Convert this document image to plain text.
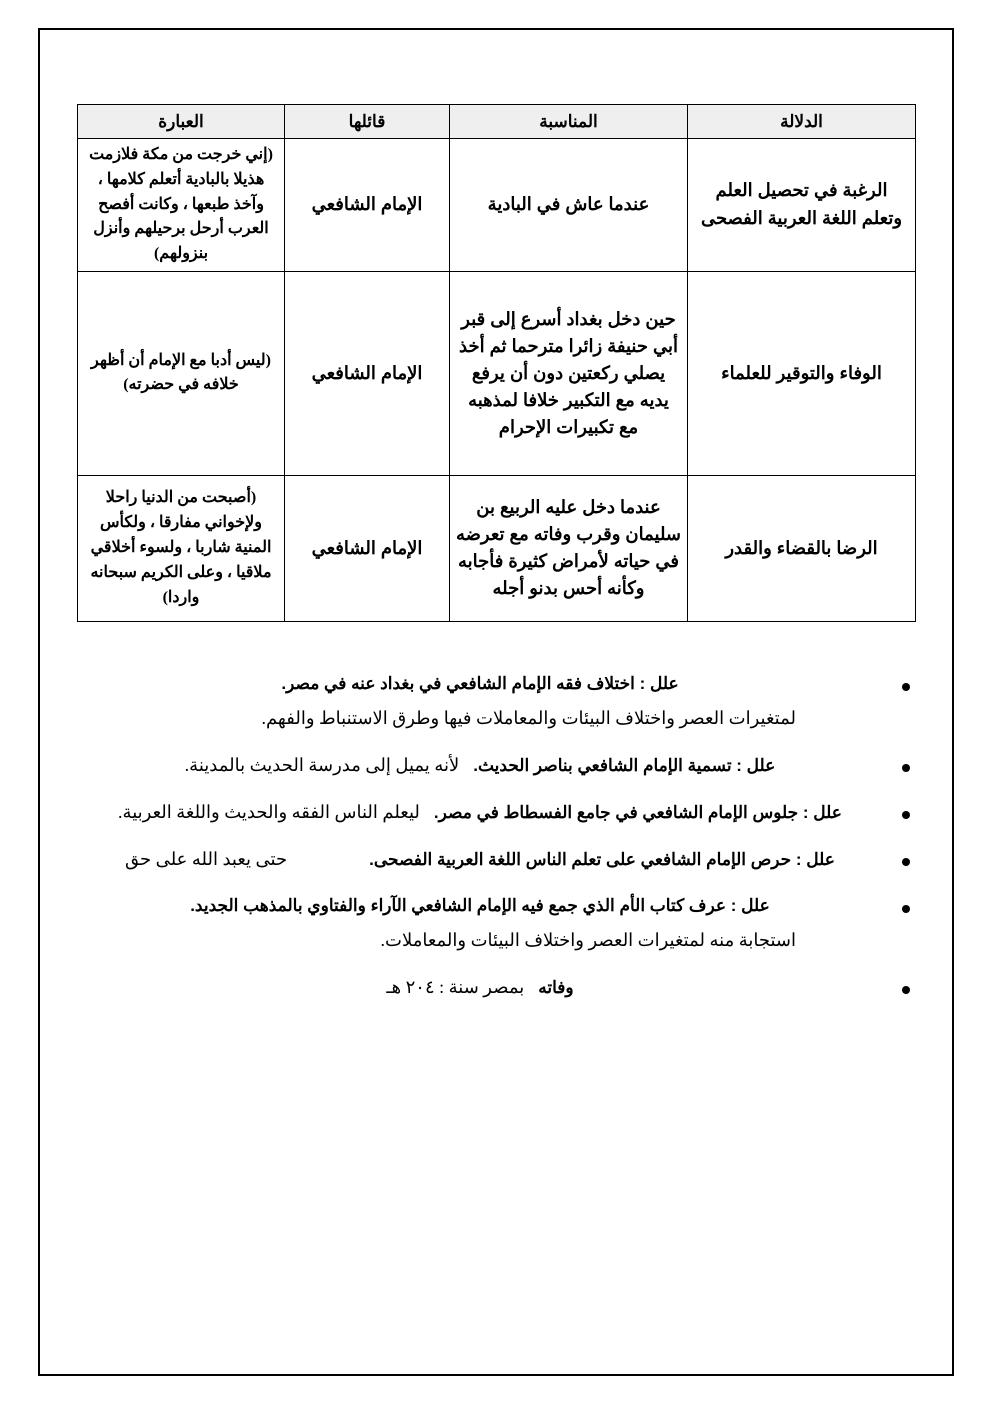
الدلالة	المناسبة	قائلها	العبارة
الرغبة في تحصيل العلم وتعلم اللغة العربية الفصحى	عندما عاش في البادية	الإمام الشافعي	(إني خرجت من مكة فلازمت هذيلا بالبادية أتعلم كلامها ، وآخذ طبعها ، وكانت أفصح العرب أرحل برحيلهم وأنزل بنزولهم)
الوفاء والتوقير للعلماء	حين دخل بغداد أسرع إلى قبر أبي حنيفة زائرا مترحما ثم أخذ يصلي ركعتين دون أن يرفع يديه مع التكبير خلافا لمذهبه مع تكبيرات الإحرام	الإمام الشافعي	(ليس أدبا مع الإمام أن أظهر خلافه في حضرته)
الرضا بالقضاء والقدر	عندما دخل عليه الربيع بن سليمان وقرب وفاته مع تعرضه في حياته لأمراض كثيرة فأجابه وكأنه أحس بدنو أجله	الإمام الشافعي	(أصبحت من الدنيا راحلا ولإخواني مفارقا ، ولكأس المنية شاربا ، ولسوء أخلاقي ملاقيا ، وعلى الكريم سبحانه واردا)
علل : اختلاف فقه الإمام الشافعي في بغداد عنه في مصر.
لمتغيرات العصر واختلاف البيئات والمعاملات فيها وطرق الاستنباط والفهم.
علل : تسمية الإمام الشافعي بناصر الحديث. لأنه يميل إلى مدرسة الحديث بالمدينة.
علل : جلوس الإمام الشافعي في جامع الفسطاط في مصر. ليعلم الناس الفقه والحديث واللغة العربية.
علل : حرص الإمام الشافعي على تعلم الناس اللغة العربية الفصحى.  حتى يعبد الله على حق
علل : عرف كتاب الأم الذي جمع فيه الإمام الشافعي الآراء والفتاوي بالمذهب الجديد.
استجابة منه لمتغيرات العصر واختلاف البيئات والمعاملات.
وفاته بمصر سنة : ٢٠٤ هـ
